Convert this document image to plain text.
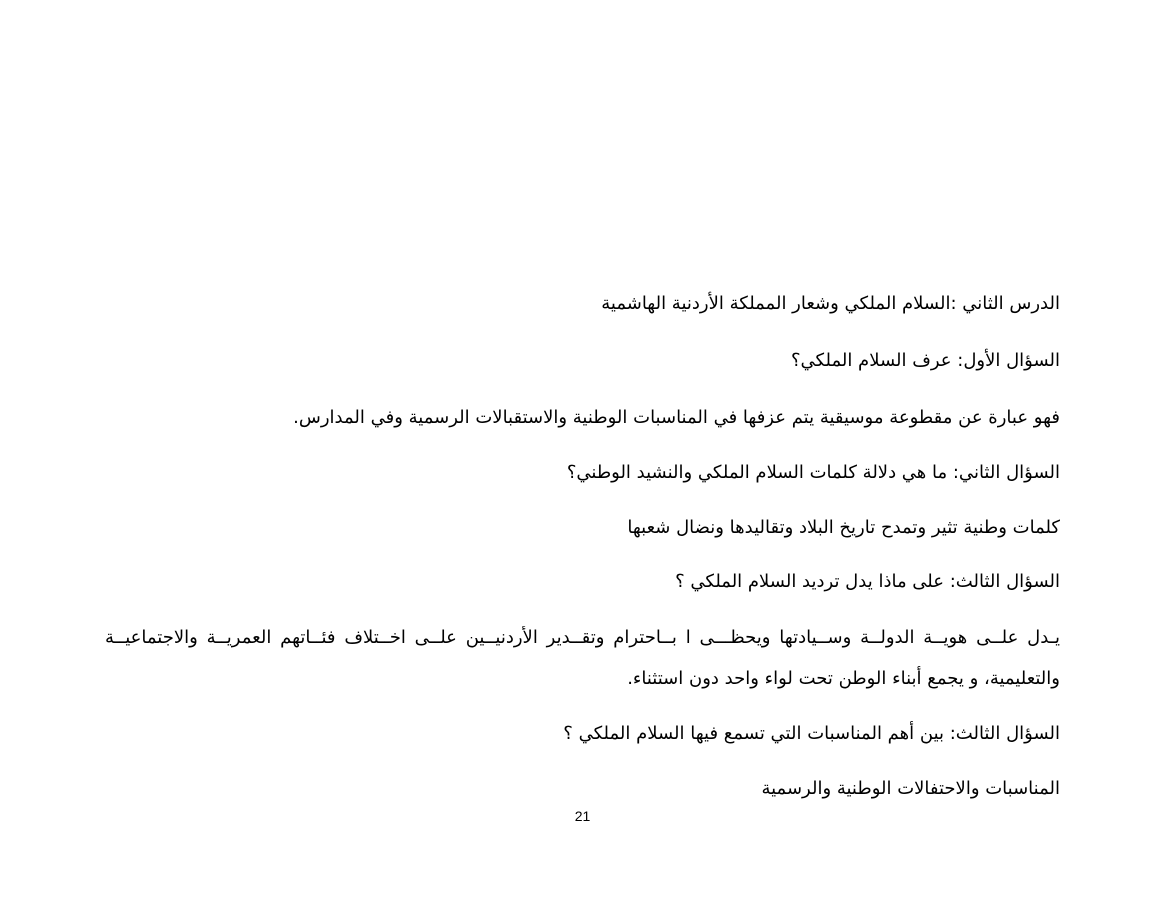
الدرس الثاني :السلام الملكي وشعار المملكة الأردنية الهاشمية
السؤال الأول: عرف السلام الملكي؟
فهو عبارة عن مقطوعة موسيقية يتم عزفها في المناسبات الوطنية والاستقبالات الرسمية وفي المدارس.
السؤال الثاني: ما هي دلالة كلمات السلام الملكي والنشيد الوطني؟
كلمات وطنية تثير وتمدح تاريخ البلاد وتقاليدها ونضال شعبها
السؤال الثالث: على ماذا يدل ترديد السلام الملكي ؟
يـدل علــى هويــة الدولــة وســيادتها ويحظـــى ا بــاحترام وتقــدير الأردنيــين علــى اخــتلاف فئــاتهم العمريــة والاجتماعيــة
والتعليمية، و يجمع أبناء الوطن تحت لواء واحد دون استثناء.
السؤال الثالث: بين أهم المناسبات التي تسمع فيها السلام الملكي ؟
المناسبات والاحتفالات الوطنية والرسمية
21
